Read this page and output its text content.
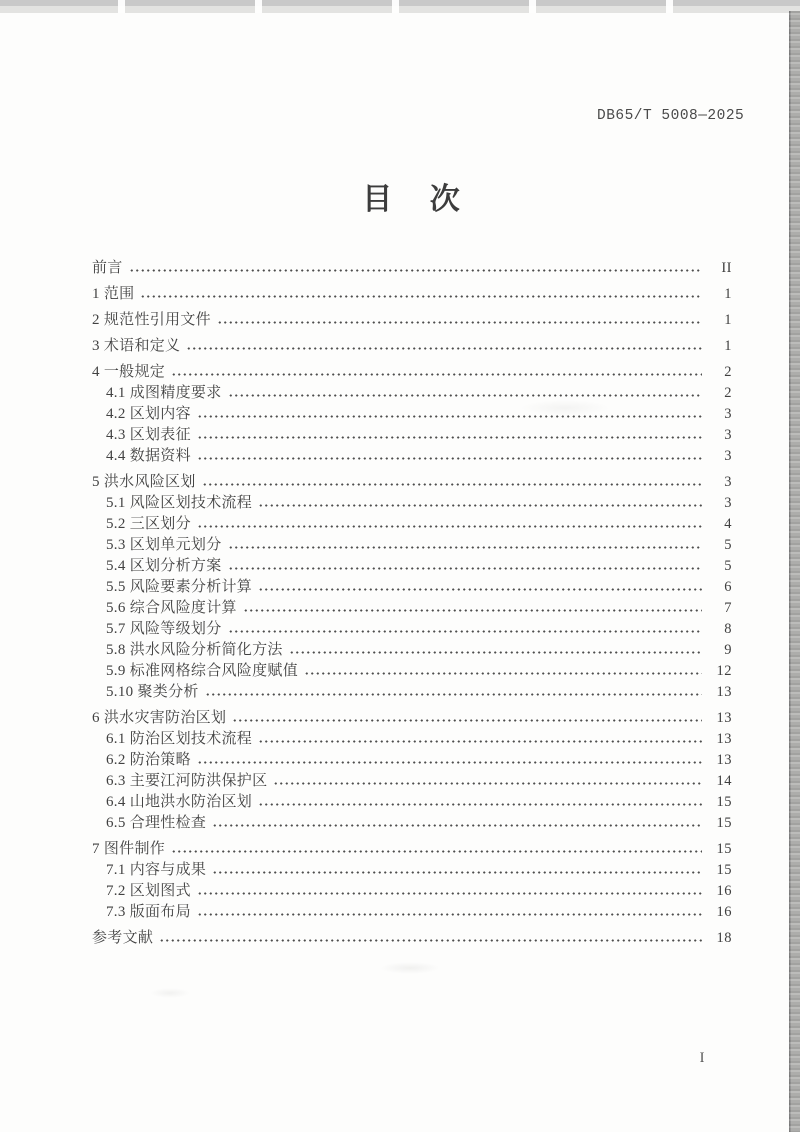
DB65/T 5008—2025
目 次
前言	II
1 范围	1
2 规范性引用文件	1
3 术语和定义	1
4 一般规定	2
4.1 成图精度要求	2
4.2 区划内容	3
4.3 区划表征	3
4.4 数据资料	3
5 洪水风险区划	3
5.1 风险区划技术流程	3
5.2 三区划分	4
5.3 区划单元划分	5
5.4 区划分析方案	5
5.5 风险要素分析计算	6
5.6 综合风险度计算	7
5.7 风险等级划分	8
5.8 洪水风险分析简化方法	9
5.9 标准网格综合风险度赋值	12
5.10 聚类分析	13
6 洪水灾害防治区划	13
6.1 防治区划技术流程	13
6.2 防治策略	13
6.3 主要江河防洪保护区	14
6.4 山地洪水防治区划	15
6.5 合理性检查	15
7 图件制作	15
7.1 内容与成果	15
7.2 区划图式	16
7.3 版面布局	16
参考文献	18
I
